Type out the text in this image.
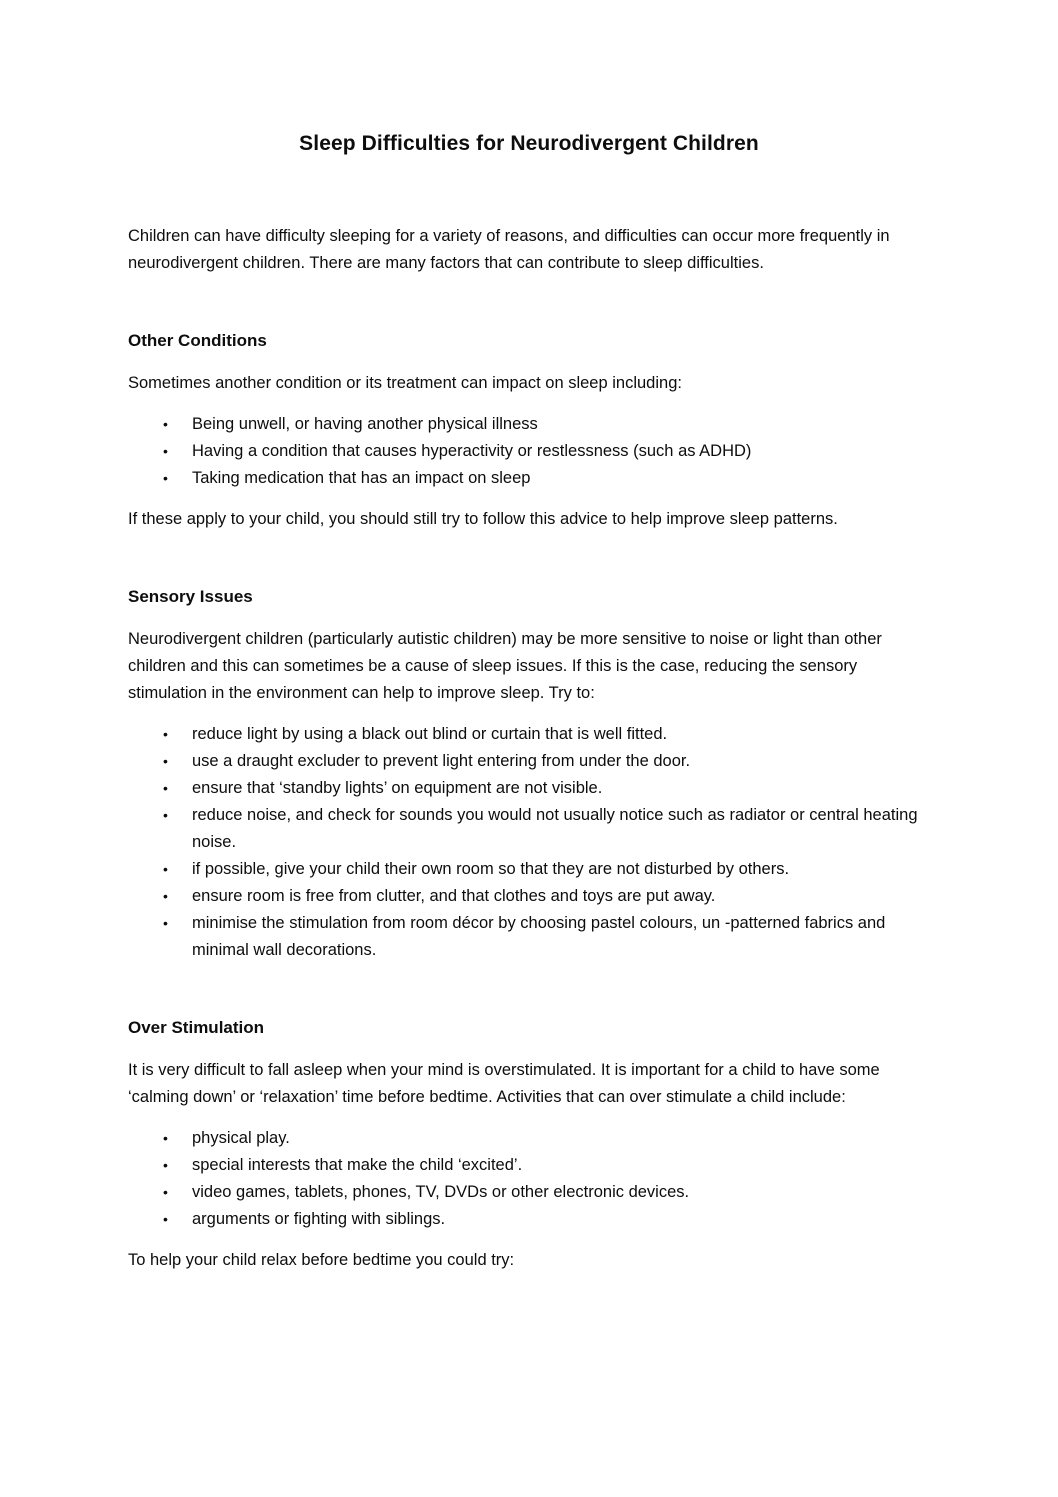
Sleep Difficulties for Neurodivergent Children

Children can have difficulty sleeping for a variety of reasons, and difficulties can occur more frequently in neurodivergent children. There are many factors that can contribute to sleep difficulties.

Other Conditions

Sometimes another condition or its treatment can impact on sleep including:

•	Being unwell, or having another physical illness
•	Having a condition that causes hyperactivity or restlessness (such as ADHD)
•	Taking medication that has an impact on sleep

If these apply to your child, you should still try to follow this advice to help improve sleep patterns.

Sensory Issues

Neurodivergent children (particularly autistic children) may be more sensitive to noise or light than other children and this can sometimes be a cause of sleep issues. If this is the case, reducing the sensory stimulation in the environment can help to improve sleep. Try to:

•	reduce light by using a black out blind or curtain that is well fitted.
•	use a draught excluder to prevent light entering from under the door.
•	ensure that ‘standby lights’ on equipment are not visible.
•	reduce noise, and check for sounds you would not usually notice such as radiator or central heating noise.
•	if possible, give your child their own room so that they are not disturbed by others.
•	ensure room is free from clutter, and that clothes and toys are put away.
•	minimise the stimulation from room décor by choosing pastel colours, un -patterned fabrics and minimal wall decorations.
Over Stimulation

It is very difficult to fall asleep when your mind is overstimulated. It is important for a child to have some ‘calming down’ or ‘relaxation’ time before bedtime. Activities that can over stimulate a child include:

•	physical play.
•	special interests that make the child ‘excited’.
•	video games, tablets, phones, TV, DVDs or other electronic devices.
•	arguments or fighting with siblings.

To help your child relax before bedtime you could try:
